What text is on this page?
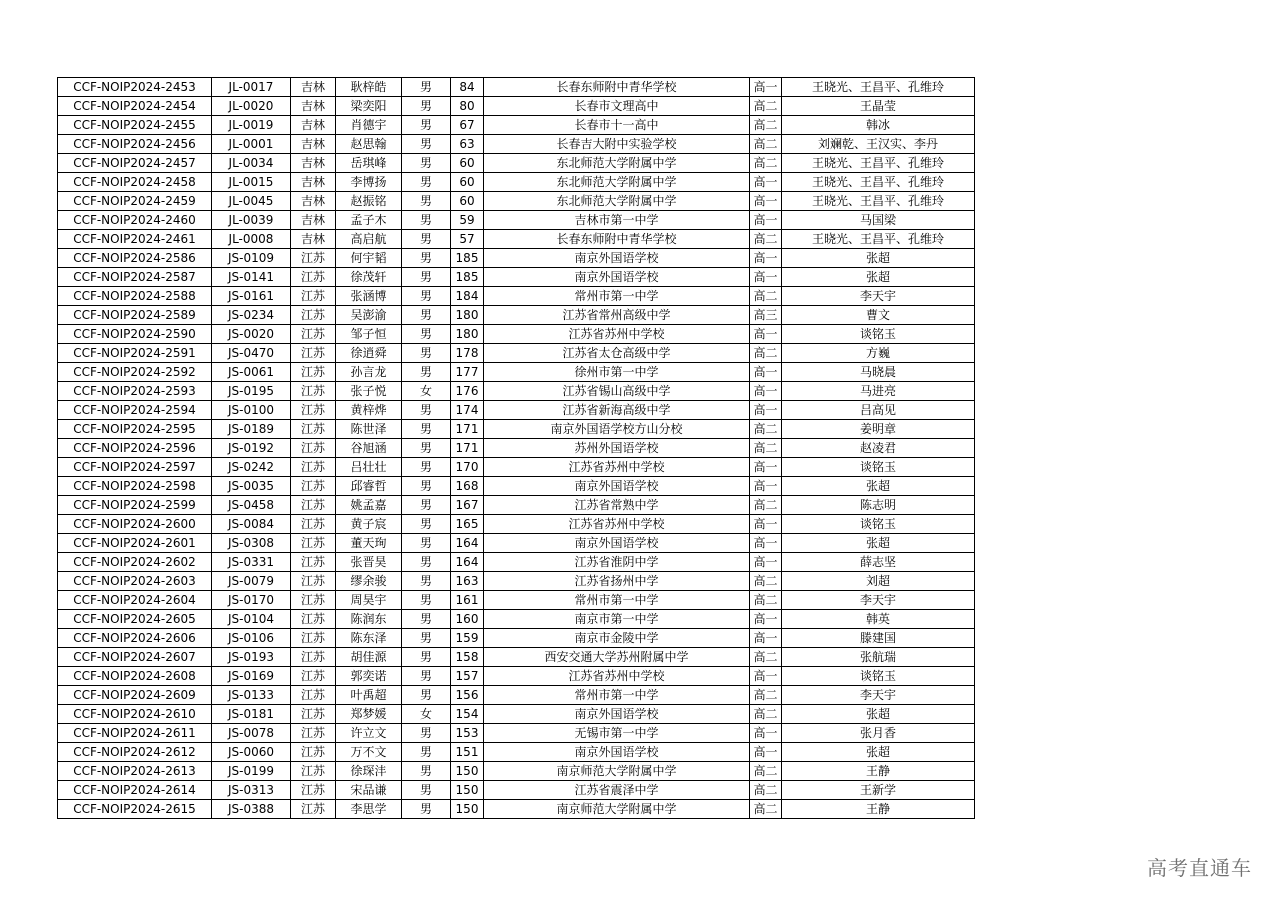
CCF-NOIP2024-2453	JL-0017	吉林	耿梓皓	男	84	长春东师附中青华学校	高一	王晓光、王昌平、孔维玲
CCF-NOIP2024-2454	JL-0020	吉林	梁奕阳	男	80	长春市文理高中	高二	王晶莹
CCF-NOIP2024-2455	JL-0019	吉林	肖德宇	男	67	长春市十一高中	高二	韩冰
CCF-NOIP2024-2456	JL-0001	吉林	赵思翰	男	63	长春吉大附中实验学校	高二	刘斓乾、王汉实、李丹
CCF-NOIP2024-2457	JL-0034	吉林	岳琪峰	男	60	东北师范大学附属中学	高二	王晓光、王昌平、孔维玲
CCF-NOIP2024-2458	JL-0015	吉林	李博扬	男	60	东北师范大学附属中学	高一	王晓光、王昌平、孔维玲
CCF-NOIP2024-2459	JL-0045	吉林	赵振铭	男	60	东北师范大学附属中学	高一	王晓光、王昌平、孔维玲
CCF-NOIP2024-2460	JL-0039	吉林	孟子木	男	59	吉林市第一中学	高一	马国梁
CCF-NOIP2024-2461	JL-0008	吉林	高启航	男	57	长春东师附中青华学校	高二	王晓光、王昌平、孔维玲
CCF-NOIP2024-2586	JS-0109	江苏	何宇韬	男	185	南京外国语学校	高一	张超
CCF-NOIP2024-2587	JS-0141	江苏	徐茂轩	男	185	南京外国语学校	高一	张超
CCF-NOIP2024-2588	JS-0161	江苏	张涵博	男	184	常州市第一中学	高二	李天宇
CCF-NOIP2024-2589	JS-0234	江苏	吴澎渝	男	180	江苏省常州高级中学	高三	曹文
CCF-NOIP2024-2590	JS-0020	江苏	邹子恒	男	180	江苏省苏州中学校	高一	谈铭玉
CCF-NOIP2024-2591	JS-0470	江苏	徐逍舜	男	178	江苏省太仓高级中学	高二	方巍
CCF-NOIP2024-2592	JS-0061	江苏	孙言龙	男	177	徐州市第一中学	高一	马晓晨
CCF-NOIP2024-2593	JS-0195	江苏	张子悦	女	176	江苏省锡山高级中学	高一	马进亮
CCF-NOIP2024-2594	JS-0100	江苏	黄梓烨	男	174	江苏省新海高级中学	高一	吕高见
CCF-NOIP2024-2595	JS-0189	江苏	陈世泽	男	171	南京外国语学校方山分校	高二	姜明章
CCF-NOIP2024-2596	JS-0192	江苏	谷旭涵	男	171	苏州外国语学校	高二	赵凌君
CCF-NOIP2024-2597	JS-0242	江苏	吕壮壮	男	170	江苏省苏州中学校	高一	谈铭玉
CCF-NOIP2024-2598	JS-0035	江苏	邱睿哲	男	168	南京外国语学校	高一	张超
CCF-NOIP2024-2599	JS-0458	江苏	姚孟嘉	男	167	江苏省常熟中学	高二	陈志明
CCF-NOIP2024-2600	JS-0084	江苏	黄子宸	男	165	江苏省苏州中学校	高一	谈铭玉
CCF-NOIP2024-2601	JS-0308	江苏	董天珣	男	164	南京外国语学校	高一	张超
CCF-NOIP2024-2602	JS-0331	江苏	张晋昊	男	164	江苏省淮阴中学	高一	薛志坚
CCF-NOIP2024-2603	JS-0079	江苏	缪余骏	男	163	江苏省扬州中学	高二	刘超
CCF-NOIP2024-2604	JS-0170	江苏	周昊宇	男	161	常州市第一中学	高二	李天宇
CCF-NOIP2024-2605	JS-0104	江苏	陈润东	男	160	南京市第一中学	高一	韩英
CCF-NOIP2024-2606	JS-0106	江苏	陈东泽	男	159	南京市金陵中学	高一	滕建国
CCF-NOIP2024-2607	JS-0193	江苏	胡佳源	男	158	西安交通大学苏州附属中学	高二	张航瑞
CCF-NOIP2024-2608	JS-0169	江苏	郭奕诺	男	157	江苏省苏州中学校	高一	谈铭玉
CCF-NOIP2024-2609	JS-0133	江苏	叶禹超	男	156	常州市第一中学	高二	李天宇
CCF-NOIP2024-2610	JS-0181	江苏	郑梦媛	女	154	南京外国语学校	高二	张超
CCF-NOIP2024-2611	JS-0078	江苏	许立文	男	153	无锡市第一中学	高一	张月香
CCF-NOIP2024-2612	JS-0060	江苏	万不文	男	151	南京外国语学校	高一	张超
CCF-NOIP2024-2613	JS-0199	江苏	徐琛沣	男	150	南京师范大学附属中学	高二	王静
CCF-NOIP2024-2614	JS-0313	江苏	宋品谦	男	150	江苏省震泽中学	高二	王新学
CCF-NOIP2024-2615	JS-0388	江苏	李思学	男	150	南京师范大学附属中学	高二	王静
高考直通车
